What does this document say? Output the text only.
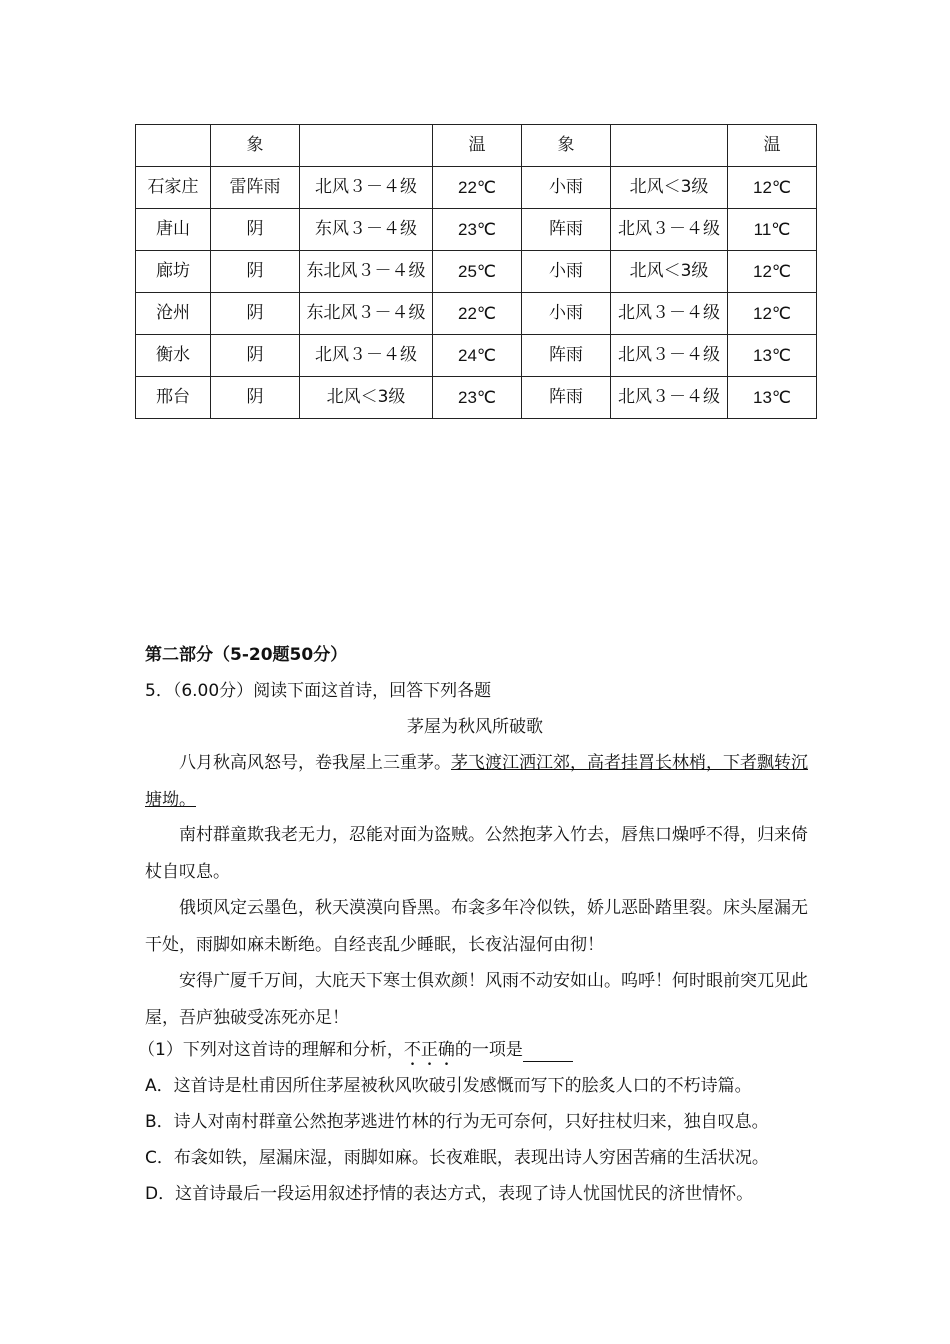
	象		温	象		温
石家庄	雷阵雨	北风３－４级	22℃	小雨	北风＜3级	12℃
唐山	阴	东风３－４级	23℃	阵雨	北风３－４级	11℃
廊坊	阴	东北风３－４级	25℃	小雨	北风＜3级	12℃
沧州	阴	东北风３－４级	22℃	小雨	北风３－４级	12℃
衡水	阴	北风３－４级	24℃	阵雨	北风３－４级	13℃
邢台	阴	北风＜3级	23℃	阵雨	北风３－４级	13℃
第二部分（5-20题50分）
5．（6.00分）阅读下面这首诗，回答下列各题
茅屋为秋风所破歌
八月秋高风怒号，卷我屋上三重茅。茅飞渡江洒江郊，高者挂罥长林梢，下者飘转沉塘坳。
南村群童欺我老无力，忍能对面为盗贼。公然抱茅入竹去，唇焦口燥呼不得，归来倚杖自叹息。
俄顷风定云墨色，秋天漠漠向昏黑。布衾多年冷似铁，娇儿恶卧踏里裂。床头屋漏无干处，雨脚如麻未断绝。自经丧乱少睡眠，长夜沾湿何由彻！
安得广厦千万间，大庇天下寒士俱欢颜！风雨不动安如山。呜呼！何时眼前突兀见此屋，吾庐独破受冻死亦足！
（1）下列对这首诗的理解和分析，不正确的一项是
A．这首诗是杜甫因所住茅屋被秋风吹破引发感慨而写下的脍炙人口的不朽诗篇。
B．诗人对南村群童公然抱茅逃进竹林的行为无可奈何，只好拄杖归来，独自叹息。
C．布衾如铁，屋漏床湿，雨脚如麻。长夜难眠，表现出诗人穷困苦痛的生活状况。
D．这首诗最后一段运用叙述抒情的表达方式，表现了诗人忧国忧民的济世情怀。
